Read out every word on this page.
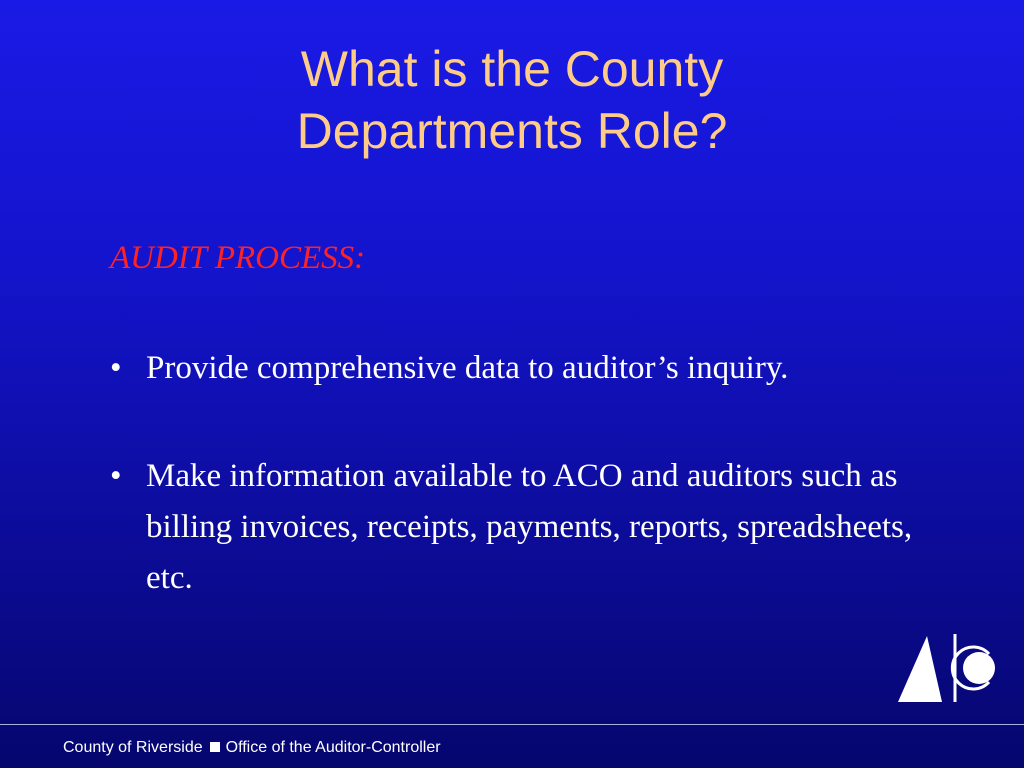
What is the County
Departments Role?
AUDIT PROCESS:
• Provide comprehensive data to auditor’s inquiry.
• Make information available to ACO and auditors such as billing invoices, receipts, payments, reports, spreadsheets, etc.
County of Riverside Office of the Auditor-Controller
